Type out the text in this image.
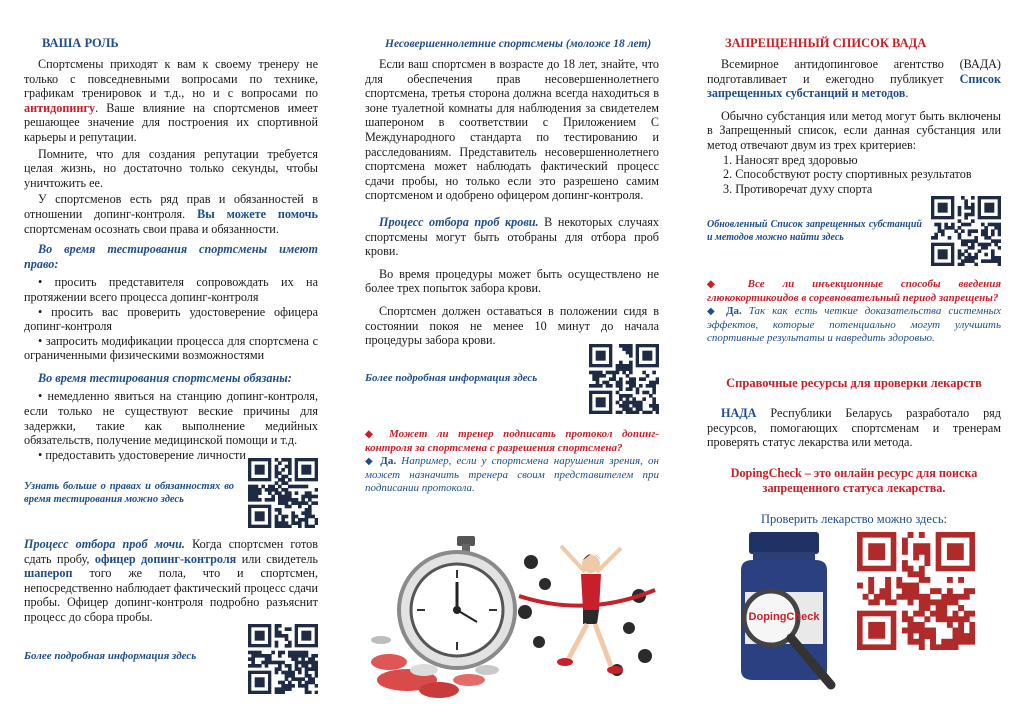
ВАША РОЛЬ

Спортсмены приходят к вам к своему тренеру не только с повседневными вопросами по технике, графикам тренировок и т.д., но и с вопросами по антидопингу. Ваше влияние на спортсменов имеет решающее значение для построения их спортивной карьеры и репутации.

Помните, что для создания репутации требуется целая жизнь, но достаточно только секунды, чтобы уничтожить ее.

У спортсменов есть ряд прав и обязанностей в отношении допинг-контроля. Вы можете помочь спортсменам осознать свои права и обязанности.

Во время тестирования спортсмены имеют право:

• просить представителя сопровождать их на протяжении всего процесса допинг-контроля

• просить вас проверить удостоверение офицера допинг-контроля

• запросить модификации процесса для спортсмена с ограниченными физическими возможностями

Во время тестирования спортсмены обязаны:

• немедленно явиться на станцию допинг-контроля, если только не существуют веские причины для задержки, такие как выполнение медийных обязательств, получение медицинской помощи и т.д.

• предоставить удостоверение личности

Узнать больше о правах и обязанностях во время тестирования можно здесь

Процесс отбора проб мочи. Когда спортсмен готов сдать пробу, офицер допинг-контроля или свидетель шапероп того же пола, что и спортсмен, непосредственно наблюдает фактический процесс сдачи пробы. Офицер допинг-контроля подробно разъяснит процесс до сбора пробы.

Более подробная информация здесь
Несовершеннолетние спортсмены (моложе 18 лет)

Если ваш спортсмен в возрасте до 18 лет, знайте, что для обеспечения прав несовершеннолетнего спортсмена, третья сторона должна всегда находиться в зоне туалетной комнаты для наблюдения за свидетелем шапероном в соответствии с Приложением С Международного стандарта по тестированию и расследованиям. Представитель несовершеннолетнего спортсмена может наблюдать фактический процесс сдачи пробы, но только если это разрешено самим спортсменом и одобрено офицером допинг-контроля.

Процесс отбора проб крови. В некоторых случаях спортсмены могут быть отобраны для отбора проб крови.

Во время процедуры может быть осуществлено не более трех попыток забора крови.

Спортсмен должен оставаться в положении сидя в состоянии покоя не менее 10 минут до начала процедуры забора крови.

Более подробная информация здесь
◆ Может ли тренер подписать протокол допинг-контроля за спортсмена с разрешения спортсмена?
◆ Да. Например, если у спортсмена нарушения зрения, он может назначить тренера своим представителем при подписании протокола.
ЗАПРЕЩЕННЫЙ СПИСОК ВАДА

Всемирное антидопинговое агентство (ВАДА) подготавливает и ежегодно публикует Список запрещенных субстанций и методов.

Обычно субстанция или метод могут быть включены в Запрещенный список, если данная субстанция или метод отвечают двум из трех критериев:

1. Наносят вред здоровью
2. Способствуют росту спортивных результатов
3. Противоречат духу спорта
Обновленный Список запрещенных субстанций и методов можно найти здесь
◆ Все ли инъекционные способы введения глюкокортикоидов в соревновательный период запрещены?
◆ Да. Так как есть четкие доказательства системных эффектов, которые потенциально могут улучшить спортивные результаты и навредить здоровью.
Справочные ресурсы для проверки лекарств

НАДА Республики Беларусь разработало ряд ресурсов, помогающих спортсменам и тренерам проверять статус лекарства или метода.

DopingCheck – это онлайн ресурс для поиска запрещенного статуса лекарства.
Проверить лекарство можно здесь:
DopingCheck
